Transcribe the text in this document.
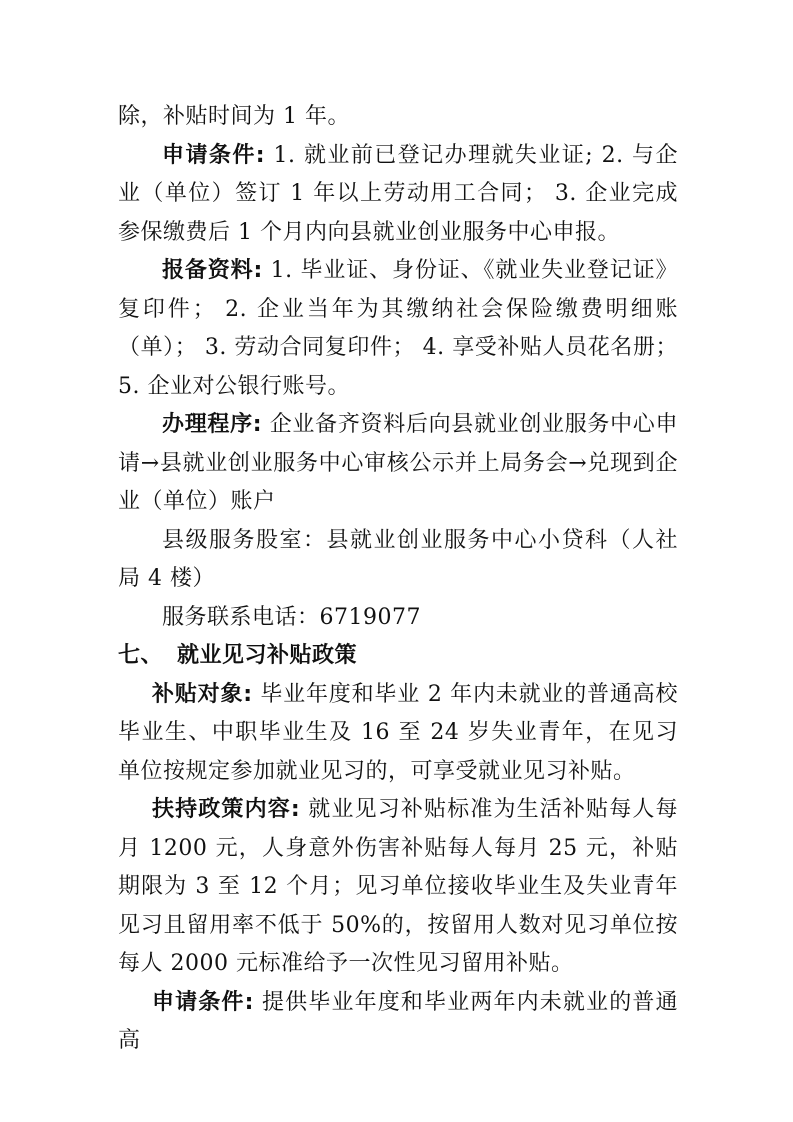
除，补贴时间为 1 年。

申请条件: 1. 就业前已登记办理就失业证; 2. 与企业（单位）签订 1 年以上劳动用工合同； 3. 企业完成参保缴费后 1 个月内向县就业创业服务中心申报。

报备资料: 1. 毕业证、身份证、《就业失业登记证》复印件； 2. 企业当年为其缴纳社会保险缴费明细账（单）； 3. 劳动合同复印件； 4. 享受补贴人员花名册； 5. 企业对公银行账号。

办理程序: 企业备齐资料后向县就业创业服务中心申请→县就业创业服务中心审核公示并上局务会→兑现到企业（单位）账户

县级服务股室：县就业创业服务中心小贷科（人社局 4 楼）

服务联系电话：6719077

七、 就业见习补贴政策

补贴对象: 毕业年度和毕业 2 年内未就业的普通高校毕业生、中职毕业生及 16 至 24 岁失业青年，在见习单位按规定参加就业见习的，可享受就业见习补贴。

扶持政策内容: 就业见习补贴标准为生活补贴每人每月 1200 元，人身意外伤害补贴每人每月 25 元，补贴期限为 3 至 12 个月；见习单位接收毕业生及失业青年见习且留用率不低于 50%的，按留用人数对见习单位按每人 2000 元标准给予一次性见习留用补贴。

申请条件: 提供毕业年度和毕业两年内未就业的普通高
